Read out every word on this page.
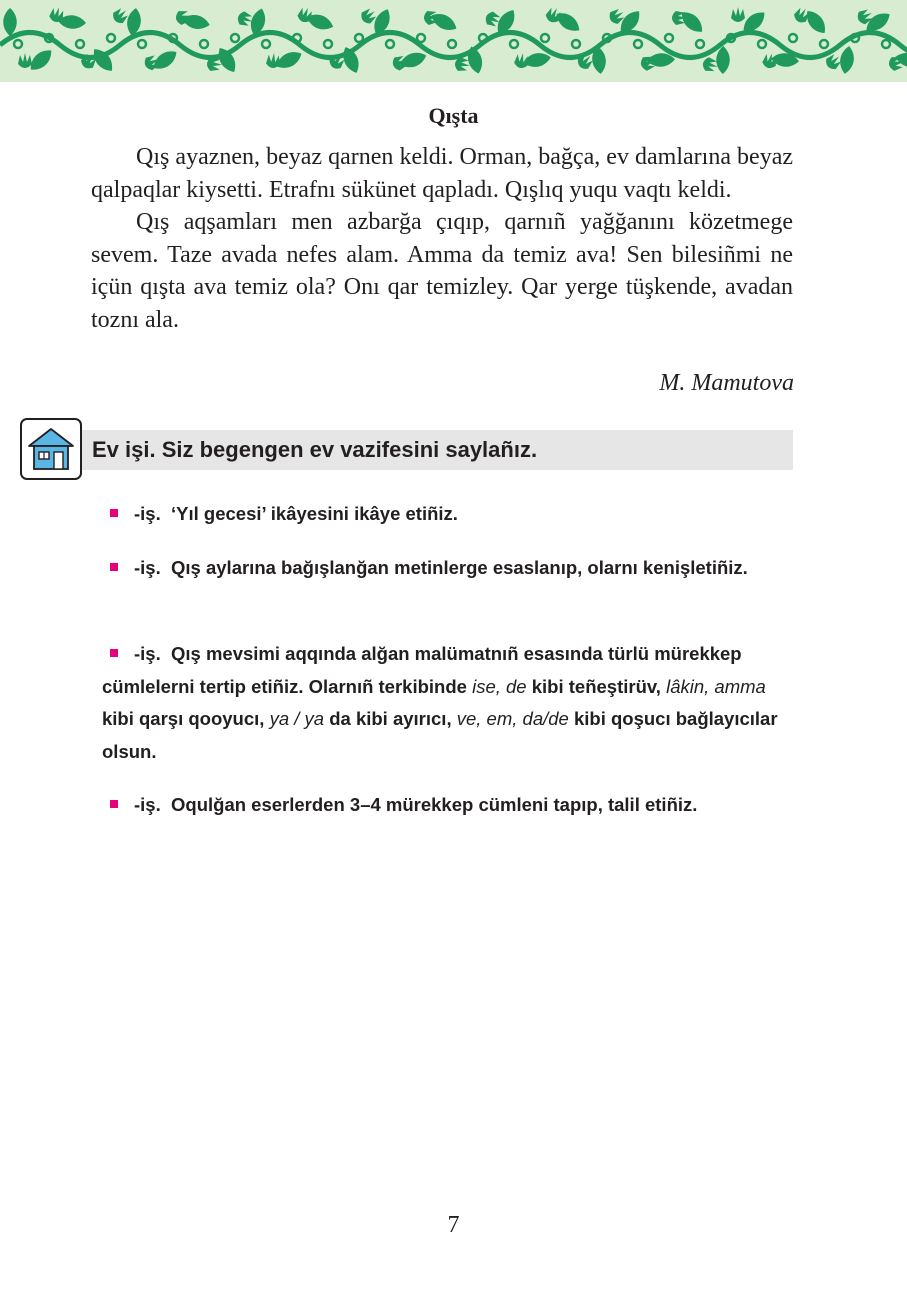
Qışta

Qış ayaznen, beyaz qarnen keldi. Orman, bağça, ev damlarına beyaz qalpaqlar kiysetti. Etrafnı sükünet qapladı. Qışlıq yuqu vaqtı keldi.

Qış aqşamları men azbarğa çıqıp, qarnıñ yağğanını közetmege sevem. Taze avada nefes alam. Amma da temiz ava! Sen bilesiñmi ne içün qışta ava temiz ola? Onı qar temizley. Qar yerge tüşkende, avadan toznı ala.

M. Mamutova
Ev işi. Siz begengen ev vazifesini saylañız.
-iş. ‘Yıl gecesi’ ikâyesini ikâye etiñiz.
-iş. Qış aylarına bağışlanğan metinlerge esaslanıp, olarnı kenişletiñiz.
-iş. Qış mevsimi aqqında alğan malümatnıñ esasında türlü mürekkep cümlelerni tertip etiñiz. Olarnıñ terkibinde ise, de kibi teñeştirüv, lâkin, amma kibi qarşı qooyucı, ya / ya da kibi ayırıcı, ve, em, da/de kibi qoşucı bağlayıcılar olsun.
-iş. Oqulğan eserlerden 3–4 mürekkep cümleni tapıp, talil etiñiz.
7
